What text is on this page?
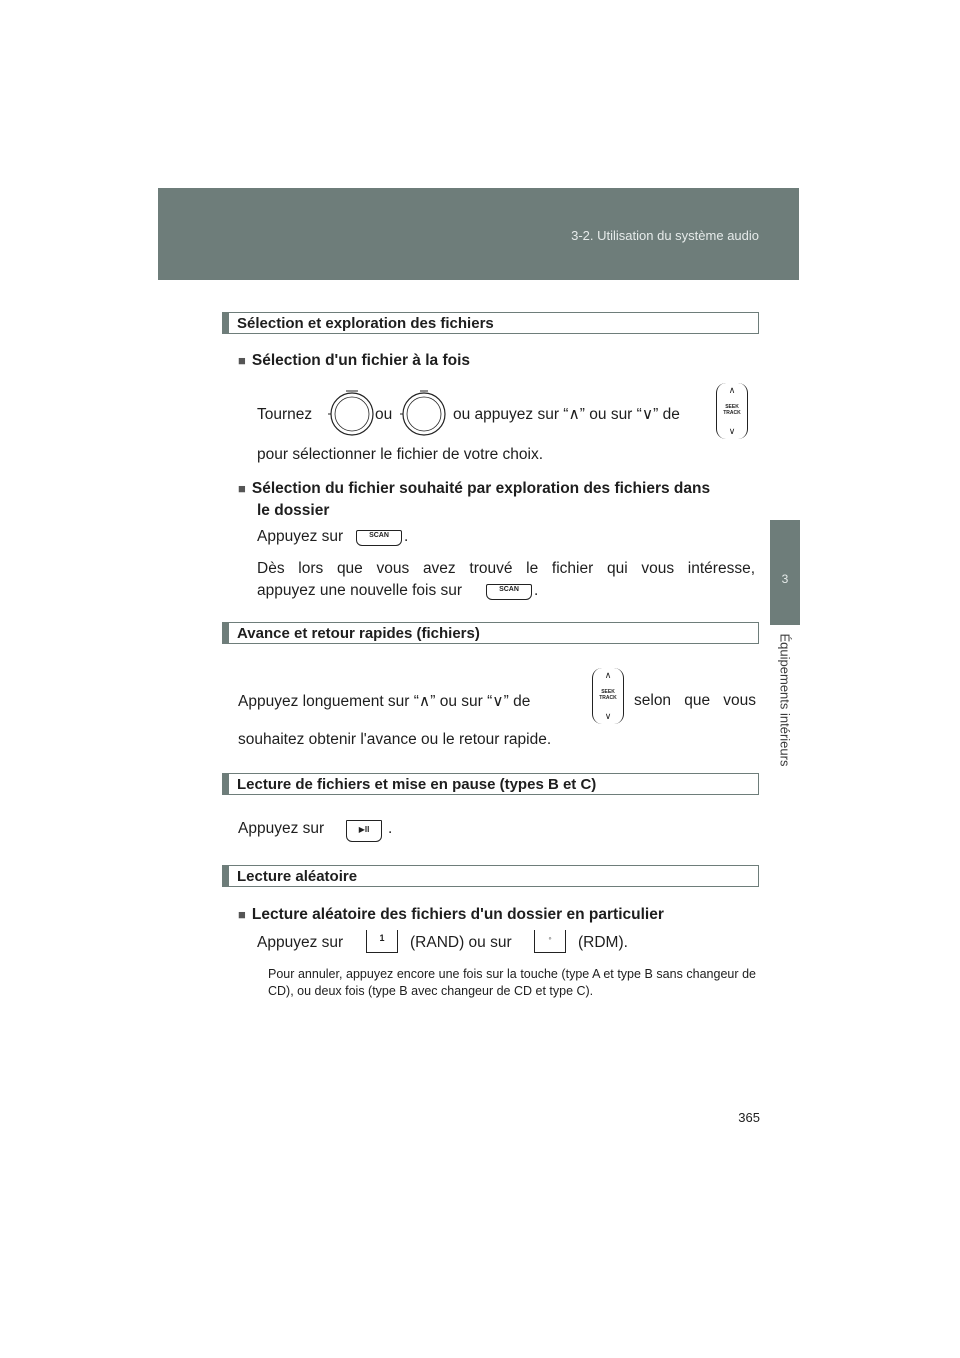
3-2. Utilisation du système audio
3
Équipements intérieurs
Sélection et exploration des fichiers
■ Sélection d'un fichier à la fois
Tournez	ou	ou appuyez sur “∧” ou sur “∨” de
∧
SEEK TRACK
∨
pour sélectionner le fichier de votre choix.
■ Sélection du fichier souhaité par exploration des fichiers dans
le dossier
Appuyez sur	SCAN .
Dès lors que vous avez trouvé le fichier qui vous intéresse,
appuyez une nouvelle fois sur	SCAN .
Avance et retour rapides (fichiers)
Appuyez longuement sur “∧” ou sur “∨” de
∧
SEEK TRACK
∨
selon que vous
souhaitez obtenir l'avance ou le retour rapide.
Lecture de fichiers et mise en pause (types B et C)
Appuyez sur	▶II	.
Lecture aléatoire
■ Lecture aléatoire des fichiers d'un dossier en particulier
Appuyez sur	1	(RAND) ou sur	◦	(RDM).
Pour annuler, appuyez encore une fois sur la touche (type A et type B sans changeur de CD), ou deux fois (type B avec changeur de CD et type C).
365
